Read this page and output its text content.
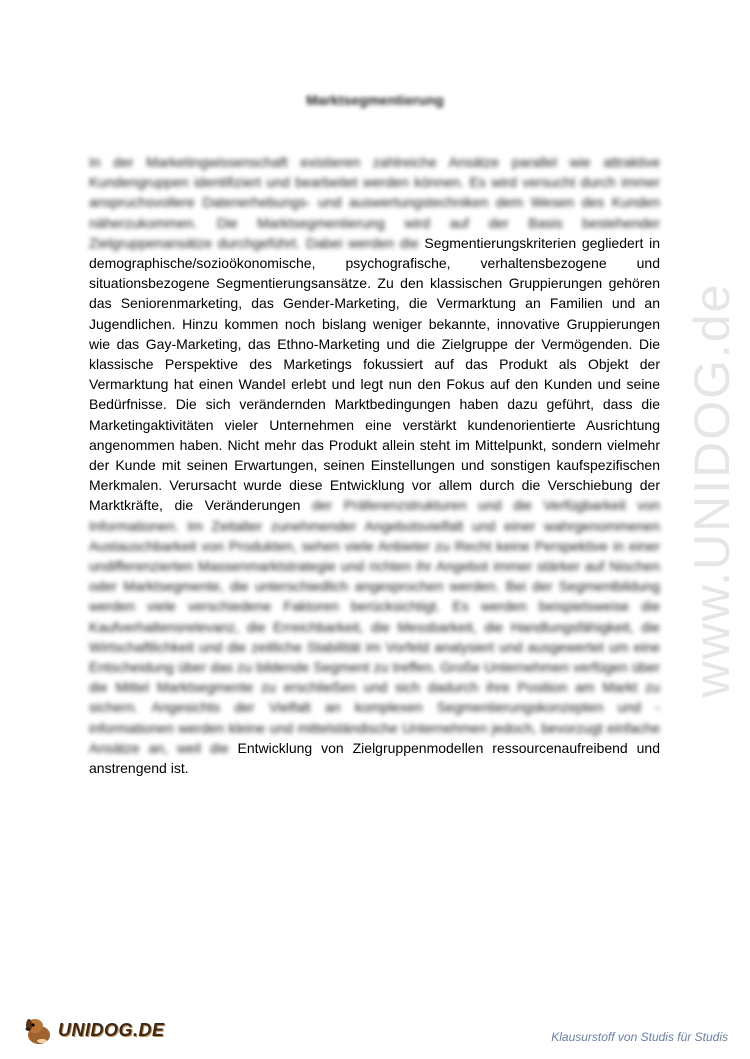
www.UNIDOG.de
Marktsegmentierung
In der Marketingwissenschaft existieren zahlreiche Ansätze parallel wie attraktive Kundengruppen identifiziert und bearbeitet werden können. Es wird versucht durch immer anspruchsvollere Datenerhebungs- und auswertungstechniken dem Wesen des Kunden näherzukommen. Die Marktsegmentierung wird auf der Basis bestehender Zielgruppenansätze durchgeführt. Dabei werden die Segmentierungskriterien gegliedert in demographische/sozioökonomische, psychografische, verhaltensbezogene und situationsbezogene Segmentierungsansätze. Zu den klassischen Gruppierungen gehören das Seniorenmarketing, das Gender-Marketing, die Vermarktung an Familien und an Jugendlichen. Hinzu kommen noch bislang weniger bekannte, innovative Gruppierungen wie das Gay-Marketing, das Ethno-Marketing und die Zielgruppe der Vermögenden. Die klassische Perspektive des Marketings fokussiert auf das Produkt als Objekt der Vermarktung hat einen Wandel erlebt und legt nun den Fokus auf den Kunden und seine Bedürfnisse. Die sich verändernden Marktbedingungen haben dazu geführt, dass die Marketingaktivitäten vieler Unternehmen eine verstärkt kundenorientierte Ausrichtung angenommen haben. Nicht mehr das Produkt allein steht im Mittelpunkt, sondern vielmehr der Kunde mit seinen Erwartungen, seinen Einstellungen und sonstigen kaufspezifischen Merkmalen. Verursacht wurde diese Entwicklung vor allem durch die Verschiebung der Marktkräfte, die Veränderungen der Präferenzstrukturen und die Verfügbarkeit von Informationen. Im Zeitalter zunehmender Angebotsvielfalt und einer wahrgenommenen Austauschbarkeit von Produkten, sehen viele Anbieter zu Recht keine Perspektive in einer undifferenzierten Massenmarktstrategie und richten ihr Angebot immer stärker auf Nischen oder Marktsegmente, die unterschiedlich angesprochen werden. Bei der Segmentbildung werden viele verschiedene Faktoren berücksichtigt. Es werden beispielsweise die Kaufverhaltensrelevanz, die Erreichbarkeit, die Messbarkeit, die Handlungsfähigkeit, die Wirtschaftlichkeit und die zeitliche Stabilität im Vorfeld analysiert und ausgewertet um eine Entscheidung über das zu bildende Segment zu treffen. Große Unternehmen verfügen über die Mittel Marktsegmente zu erschließen und sich dadurch ihre Position am Markt zu sichern. Angesichts der Vielfalt an komplexen Segmentierungskonzepten und -informationen werden kleine und mittelständische Unternehmen jedoch, bevorzugt einfache Ansätze an, weil die Entwicklung von Zielgruppenmodellen ressourcenaufreibend und anstrengend ist.
UNIDOG.DE	Klausurstoff von Studis für Studis
